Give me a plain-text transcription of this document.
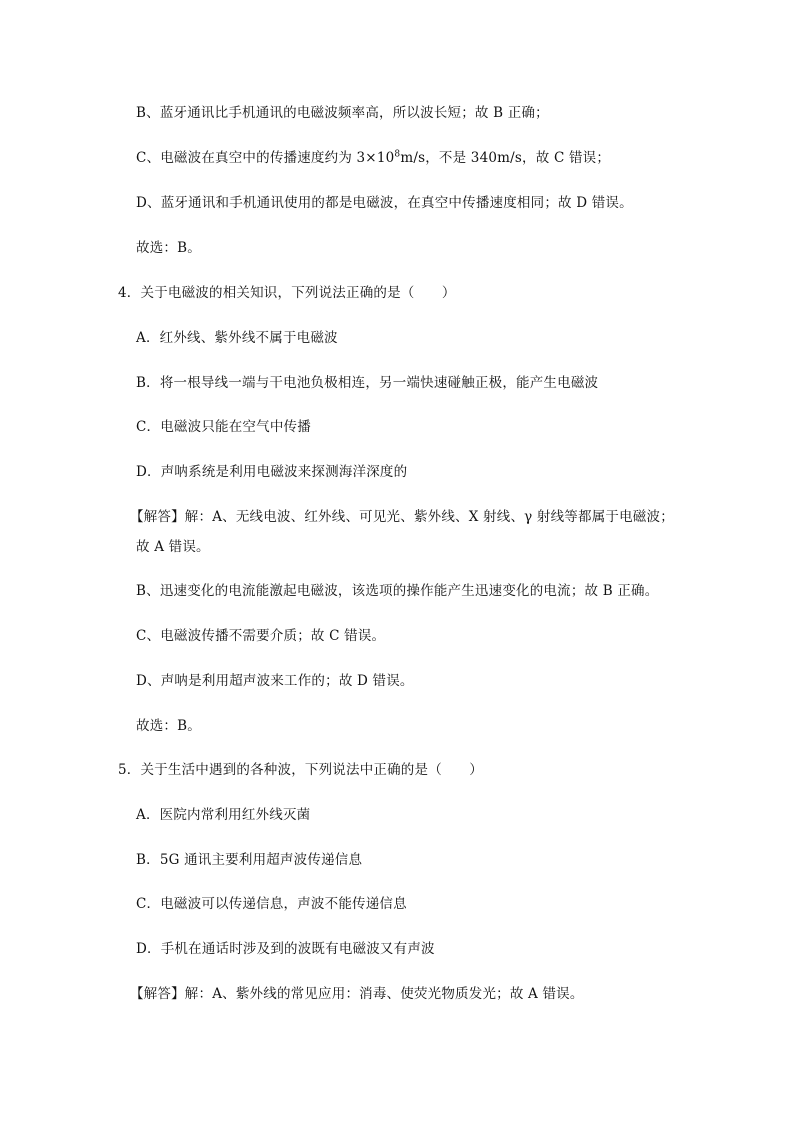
B、蓝牙通讯比手机通讯的电磁波频率高，所以波长短；故 B 正确；
C、电磁波在真空中的传播速度约为 $3\times 10^8m/s$，不是 340m/s，故 C 错误；
D、蓝牙通讯和手机通讯使用的都是电磁波，在真空中传播速度相同；故 D 错误。
故选：B。
4．关于电磁波的相关知识，下列说法正确的是（　　）
A．红外线、紫外线不属于电磁波
B．将一根导线一端与干电池负极相连，另一端快速碰触正极，能产生电磁波
C．电磁波只能在空气中传播
D．声呐系统是利用电磁波来探测海洋深度的
【解答】解：A、无线电波、红外线、可见光、紫外线、X 射线、γ 射线等都属于电磁波；
故 A 错误。
B、迅速变化的电流能激起电磁波，该选项的操作能产生迅速变化的电流；故 B 正确。
C、电磁波传播不需要介质；故 C 错误。
D、声呐是利用超声波来工作的；故 D 错误。
故选：B。
5．关于生活中遇到的各种波，下列说法中正确的是（　　）
A．医院内常利用红外线灭菌
B．5G 通讯主要利用超声波传递信息
C．电磁波可以传递信息，声波不能传递信息
D．手机在通话时涉及到的波既有电磁波又有声波
【解答】解：A、紫外线的常见应用：消毒、使荧光物质发光；故 A 错误。
